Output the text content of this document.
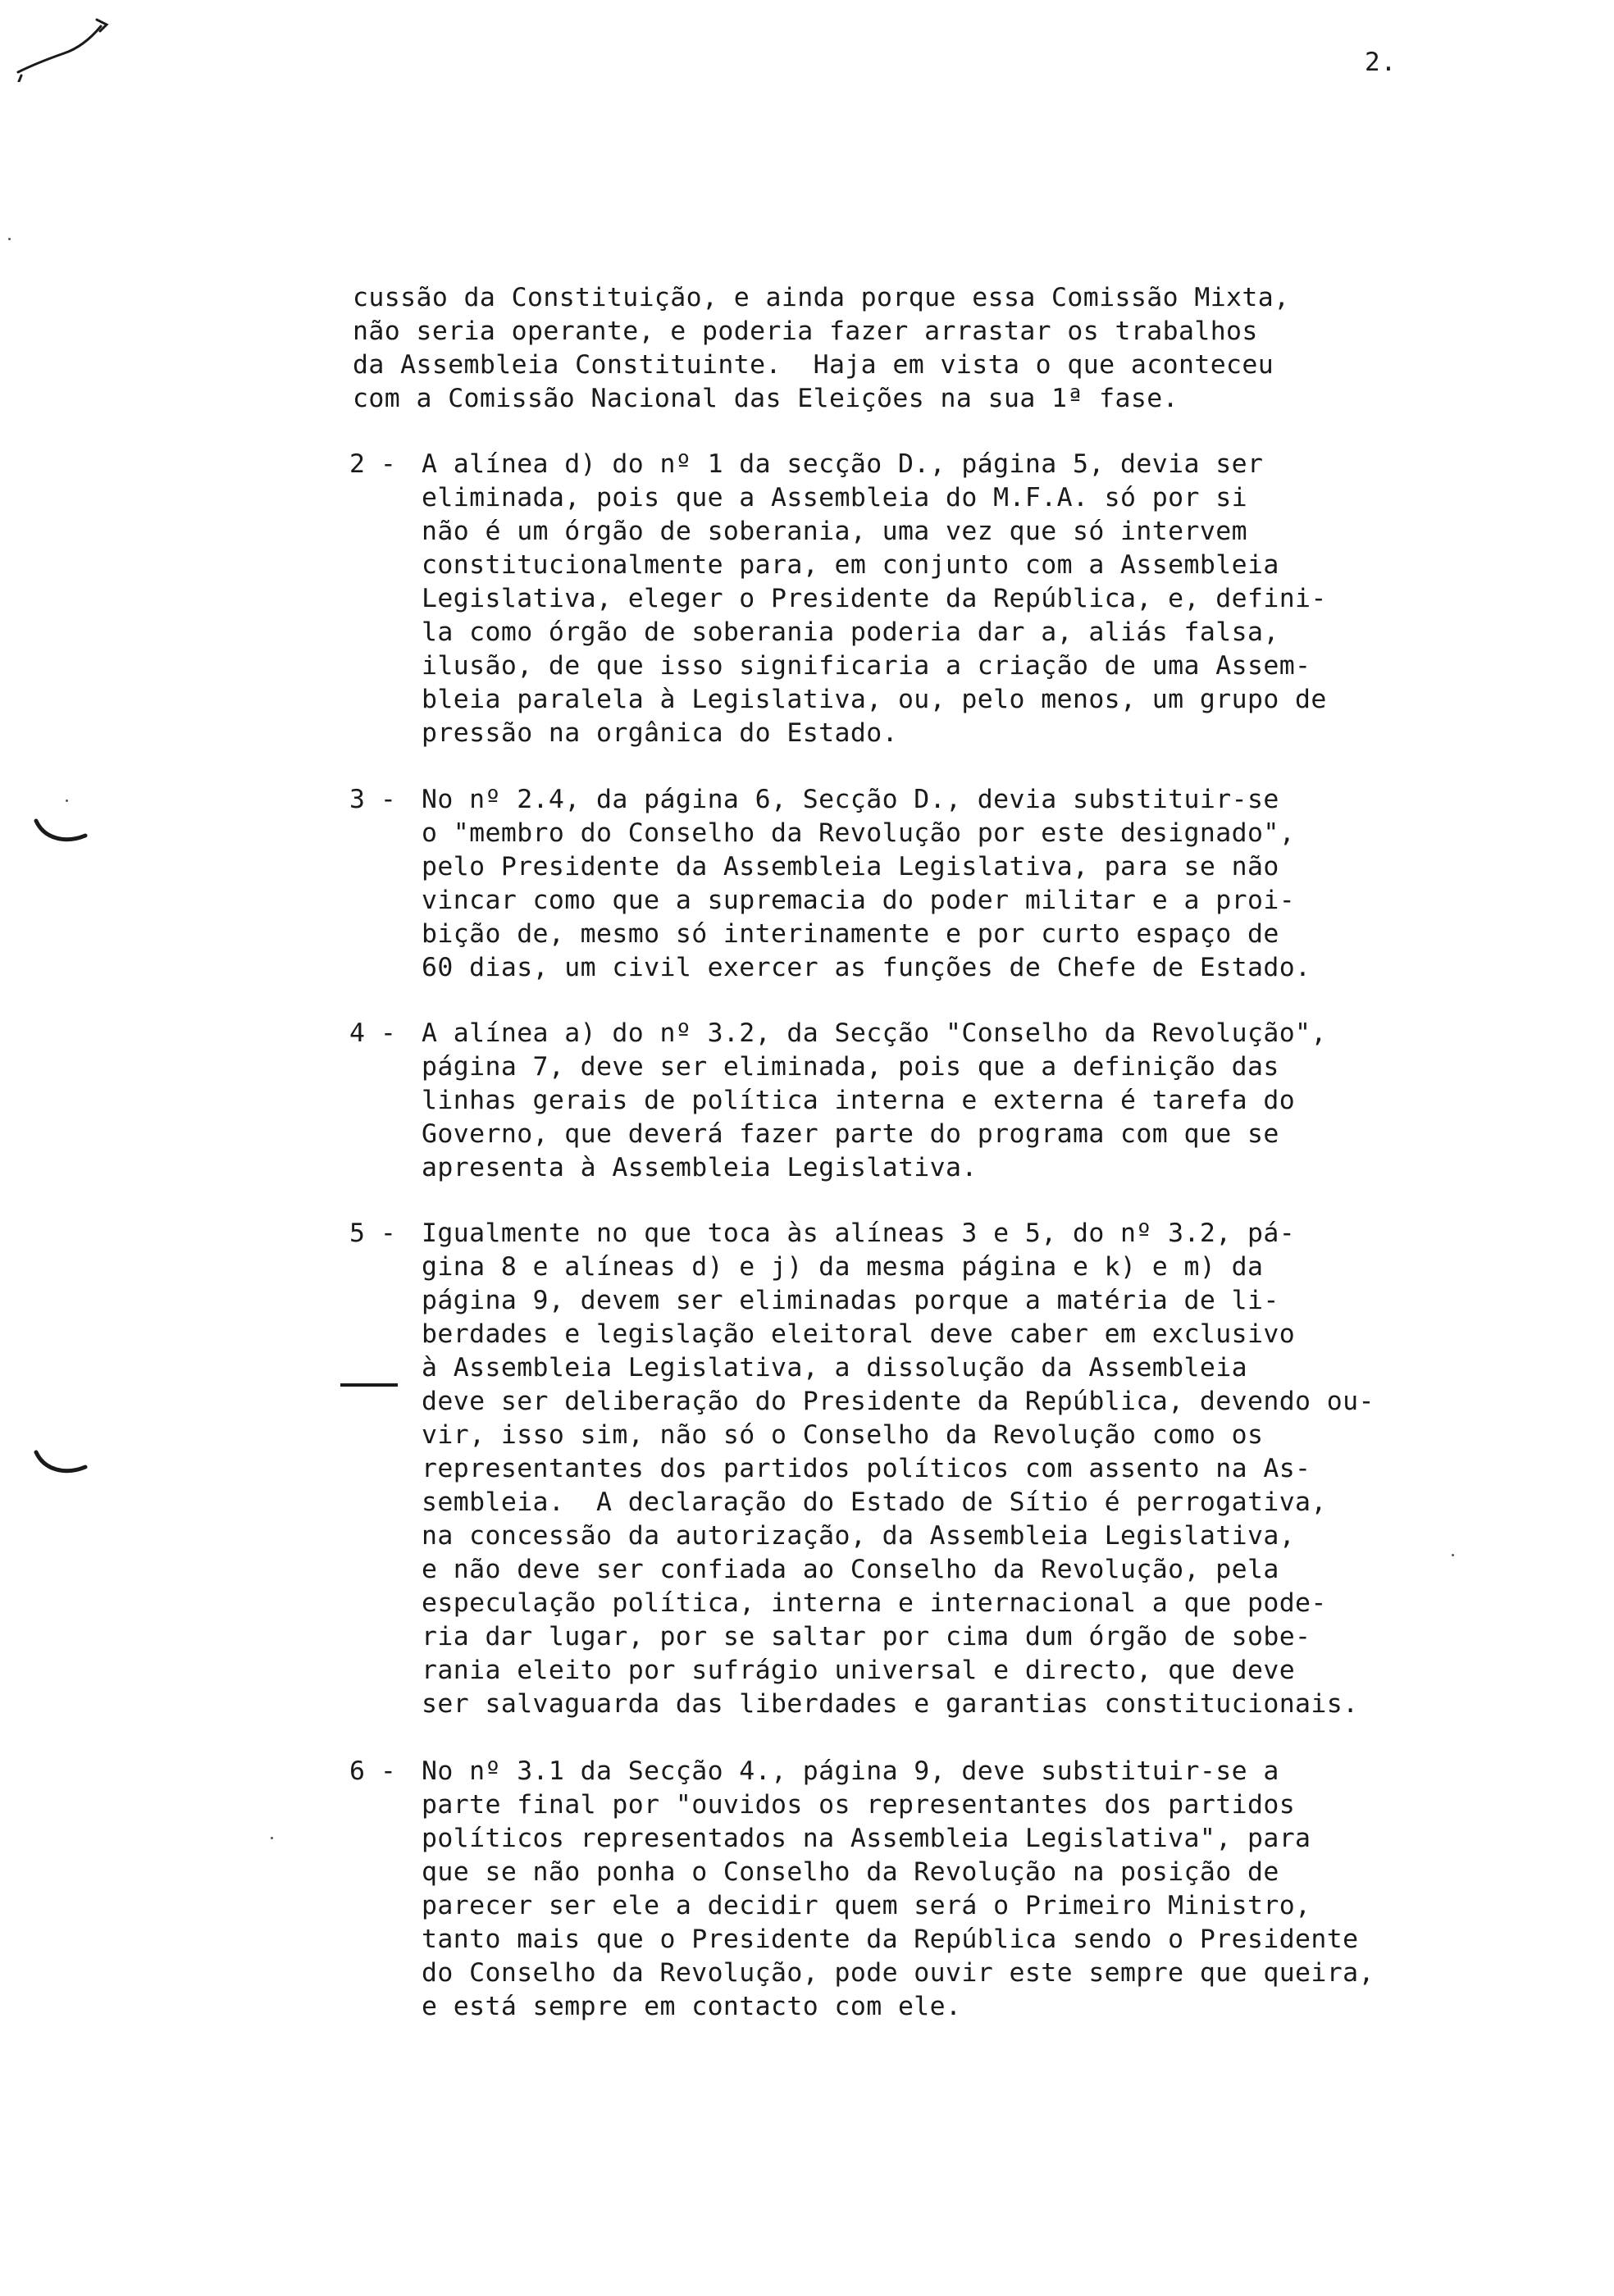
2.
cussão da Constituição, e ainda porque essa Comissão Mixta,
não seria operante, e poderia fazer arrastar os trabalhos
da Assembleia Constituinte.  Haja em vista o que aconteceu
com a Comissão Nacional das Eleições na sua 1ª fase.
2 - A alínea d) do nº 1 da secção D., página 5, devia ser
eliminada, pois que a Assembleia do M.F.A. só por si
não é um órgão de soberania, uma vez que só intervem
constitucionalmente para, em conjunto com a Assembleia
Legislativa, eleger o Presidente da República, e, defini-
la como órgão de soberania poderia dar a, aliás falsa,
ilusão, de que isso significaria a criação de uma Assem-
bleia paralela à Legislativa, ou, pelo menos, um grupo de
pressão na orgânica do Estado.
3 - No nº 2.4, da página 6, Secção D., devia substituir-se
o "membro do Conselho da Revolução por este designado",
pelo Presidente da Assembleia Legislativa, para se não
vincar como que a supremacia do poder militar e a proi-
bição de, mesmo só interinamente e por curto espaço de
60 dias, um civil exercer as funções de Chefe de Estado.
4 - A alínea a) do nº 3.2, da Secção "Conselho da Revolução",
página 7, deve ser eliminada, pois que a definição das
linhas gerais de política interna e externa é tarefa do
Governo, que deverá fazer parte do programa com que se
apresenta à Assembleia Legislativa.
5 - Igualmente no que toca às alíneas 3 e 5, do nº 3.2, pá-
gina 8 e alíneas d) e j) da mesma página e k) e m) da
página 9, devem ser eliminadas porque a matéria de li-
berdades e legislação eleitoral deve caber em exclusivo
à Assembleia Legislativa, a dissolução da Assembleia
deve ser deliberação do Presidente da República, devendo ou-
vir, isso sim, não só o Conselho da Revolução como os
representantes dos partidos políticos com assento na As-
sembleia.  A declaração do Estado de Sítio é perrogativa,
na concessão da autorização, da Assembleia Legislativa,
e não deve ser confiada ao Conselho da Revolução, pela
especulação política, interna e internacional a que pode-
ria dar lugar, por se saltar por cima dum órgão de sobe-
rania eleito por sufrágio universal e directo, que deve
ser salvaguarda das liberdades e garantias constitucionais.
6 - No nº 3.1 da Secção 4., página 9, deve substituir-se a
parte final por "ouvidos os representantes dos partidos
políticos representados na Assembleia Legislativa", para
que se não ponha o Conselho da Revolução na posição de
parecer ser ele a decidir quem será o Primeiro Ministro,
tanto mais que o Presidente da República sendo o Presidente
do Conselho da Revolução, pode ouvir este sempre que queira,
e está sempre em contacto com ele.
